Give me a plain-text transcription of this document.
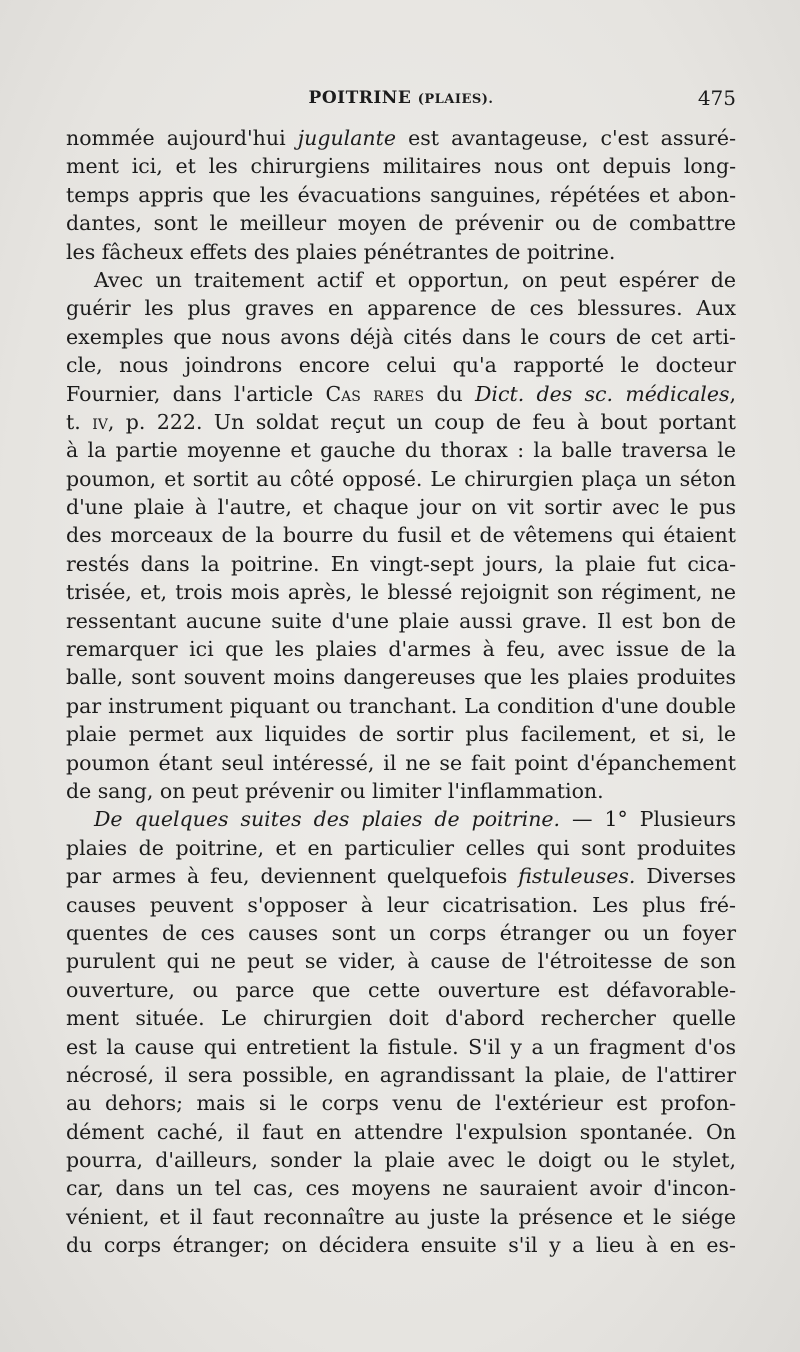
POITRINE (PLAIES).	475
nommée aujourd'hui jugulante est avantageuse, c'est assuré-
ment ici, et les chirurgiens militaires nous ont depuis long-
temps appris que les évacuations sanguines, répétées et abon-
dantes, sont le meilleur moyen de prévenir ou de combattre
les fâcheux effets des plaies pénétrantes de poitrine.
Avec un traitement actif et opportun, on peut espérer de
guérir les plus graves en apparence de ces blessures. Aux
exemples que nous avons déjà cités dans le cours de cet arti-
cle, nous joindrons encore celui qu'a rapporté le docteur
Fournier, dans l'article Cas rares du Dict. des sc. médicales,
t. iv, p. 222. Un soldat reçut un coup de feu à bout portant
à la partie moyenne et gauche du thorax : la balle traversa le
poumon, et sortit au côté opposé. Le chirurgien plaça un séton
d'une plaie à l'autre, et chaque jour on vit sortir avec le pus
des morceaux de la bourre du fusil et de vêtemens qui étaient
restés dans la poitrine. En vingt-sept jours, la plaie fut cica-
trisée, et, trois mois après, le blessé rejoignit son régiment, ne
ressentant aucune suite d'une plaie aussi grave. Il est bon de
remarquer ici que les plaies d'armes à feu, avec issue de la
balle, sont souvent moins dangereuses que les plaies produites
par instrument piquant ou tranchant. La condition d'une double
plaie permet aux liquides de sortir plus facilement, et si, le
poumon étant seul intéressé, il ne se fait point d'épanchement
de sang, on peut prévenir ou limiter l'inflammation.
De quelques suites des plaies de poitrine. — 1° Plusieurs
plaies de poitrine, et en particulier celles qui sont produites
par armes à feu, deviennent quelquefois fistuleuses. Diverses
causes peuvent s'opposer à leur cicatrisation. Les plus fré-
quentes de ces causes sont un corps étranger ou un foyer
purulent qui ne peut se vider, à cause de l'étroitesse de son
ouverture, ou parce que cette ouverture est défavorable-
ment située. Le chirurgien doit d'abord rechercher quelle
est la cause qui entretient la fistule. S'il y a un fragment d'os
nécrosé, il sera possible, en agrandissant la plaie, de l'attirer
au dehors; mais si le corps venu de l'extérieur est profon-
dément caché, il faut en attendre l'expulsion spontanée. On
pourra, d'ailleurs, sonder la plaie avec le doigt ou le stylet,
car, dans un tel cas, ces moyens ne sauraient avoir d'incon-
vénient, et il faut reconnaître au juste la présence et le siége
du corps étranger; on décidera ensuite s'il y a lieu à en es-
